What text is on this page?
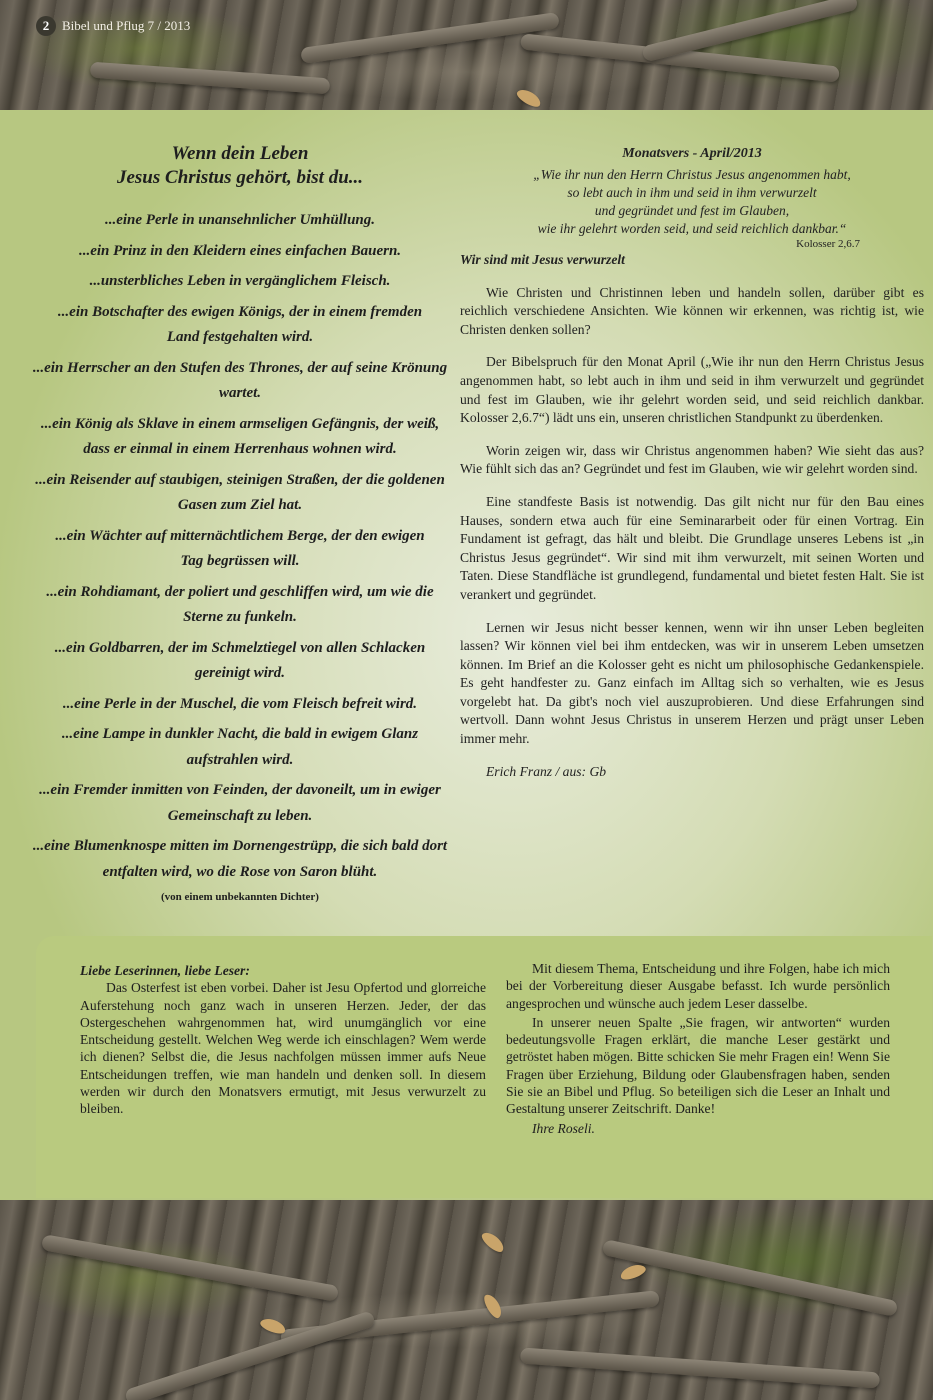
2 Bibel und Pflug 7 / 2013

Wenn dein Leben
Jesus Christus gehört, bist du...

...eine Perle in unansehnlicher Umhüllung.

...ein Prinz in den Kleidern eines einfachen Bauern.

...unsterbliches Leben in vergänglichem Fleisch.

...ein Botschafter des ewigen Königs, der in einem fremden Land festgehalten wird.

...ein Herrscher an den Stufen des Thrones, der auf seine Krönung wartet.

...ein König als Sklave in einem armseligen Gefängnis, der weiß, dass er einmal in einem Herrenhaus wohnen wird.

...ein Reisender auf staubigen, steinigen Straßen, der die goldenen Gasen zum Ziel hat.

...ein Wächter auf mitternächtlichem Berge, der den ewigen Tag begrüssen will.

...ein Rohdiamant, der poliert und geschliffen wird, um wie die Sterne zu funkeln.

...ein Goldbarren, der im Schmelztiegel von allen Schlacken gereinigt wird.

...eine Perle in der Muschel, die vom Fleisch befreit wird.

...eine Lampe in dunkler Nacht, die bald in ewigem Glanz aufstrahlen wird.

...ein Fremder inmitten von Feinden, der davoneilt, um in ewiger Gemeinschaft zu leben.

...eine Blumenknospe mitten im Dornengestrüpp, die sich bald dort entfalten wird, wo die Rose von Saron blüht.

(von einem unbekannten Dichter)

Monatsvers - April/2013

„Wie ihr nun den Herrn Christus Jesus angenommen habt,
so lebt auch in ihm und seid in ihm verwurzelt
und gegründet und fest im Glauben,
wie ihr gelehrt worden seid, und seid reichlich dankbar.“

Kolosser 2,6.7

Wir sind mit Jesus verwurzelt

Wie Christen und Christinnen leben und handeln sollen, darüber gibt es reichlich verschiedene Ansichten. Wie können wir erkennen, was richtig ist, wie Christen denken sollen?

Der Bibelspruch für den Monat April („Wie ihr nun den Herrn Christus Jesus angenommen habt, so lebt auch in ihm und seid in ihm verwurzelt und gegründet und fest im Glauben, wie ihr gelehrt worden seid, und seid reichlich dankbar. Kolosser 2,6.7“) lädt uns ein, unseren christlichen Standpunkt zu überdenken.

Worin zeigen wir, dass wir Christus angenommen haben? Wie sieht das aus? Wie fühlt sich das an? Gegründet und fest im Glauben, wie wir gelehrt worden sind.

Eine standfeste Basis ist notwendig. Das gilt nicht nur für den Bau eines Hauses, sondern etwa auch für eine Seminararbeit oder für einen Vortrag. Ein Fundament ist gefragt, das hält und bleibt. Die Grundlage unseres Lebens ist „in Christus Jesus gegründet“. Wir sind mit ihm verwurzelt, mit seinen Worten und Taten. Diese Standfläche ist grundlegend, fundamental und bietet festen Halt. Sie ist verankert und gegründet.

Lernen wir Jesus nicht besser kennen, wenn wir ihn unser Leben begleiten lassen? Wir können viel bei ihm entdecken, was wir in unserem Leben umsetzen können. Im Brief an die Kolosser geht es nicht um philosophische Gedankenspiele. Es geht handfester zu. Ganz einfach im Alltag sich so verhalten, wie es Jesus vorgelebt hat. Da gibt's noch viel auszuprobieren. Und diese Erfahrungen sind wertvoll. Dann wohnt Jesus Christus in unserem Herzen und prägt unser Leben immer mehr.

Erich Franz / aus: Gb

Liebe Leserinnen, liebe Leser:

Das Osterfest ist eben vorbei. Daher ist Jesu Opfertod und glorreiche Auferstehung noch ganz wach in unseren Herzen. Jeder, der das Ostergeschehen wahrgenommen hat, wird unumgänglich vor eine Entscheidung gestellt. Welchen Weg werde ich einschlagen? Wem werde ich dienen? Selbst die, die Jesus nachfolgen müssen immer aufs Neue Entscheidungen treffen, wie man handeln und denken soll. In diesem werden wir durch den Monatsvers ermutigt, mit Jesus verwurzelt zu bleiben.

Mit diesem Thema, Entscheidung und ihre Folgen, habe ich mich bei der Vorbereitung dieser Ausgabe befasst. Ich wurde persönlich angesprochen und wünsche auch jedem Leser dasselbe.

In unserer neuen Spalte „Sie fragen, wir antworten“ wurden bedeutungsvolle Fragen erklärt, die manche Leser gestärkt und getröstet haben mögen. Bitte schicken Sie mehr Fragen ein! Wenn Sie Fragen über Erziehung, Bildung oder Glaubensfragen haben, senden Sie sie an Bibel und Pflug. So beteiligen sich die Leser an Inhalt und Gestaltung unserer Zeitschrift. Danke!

Ihre Roseli.
